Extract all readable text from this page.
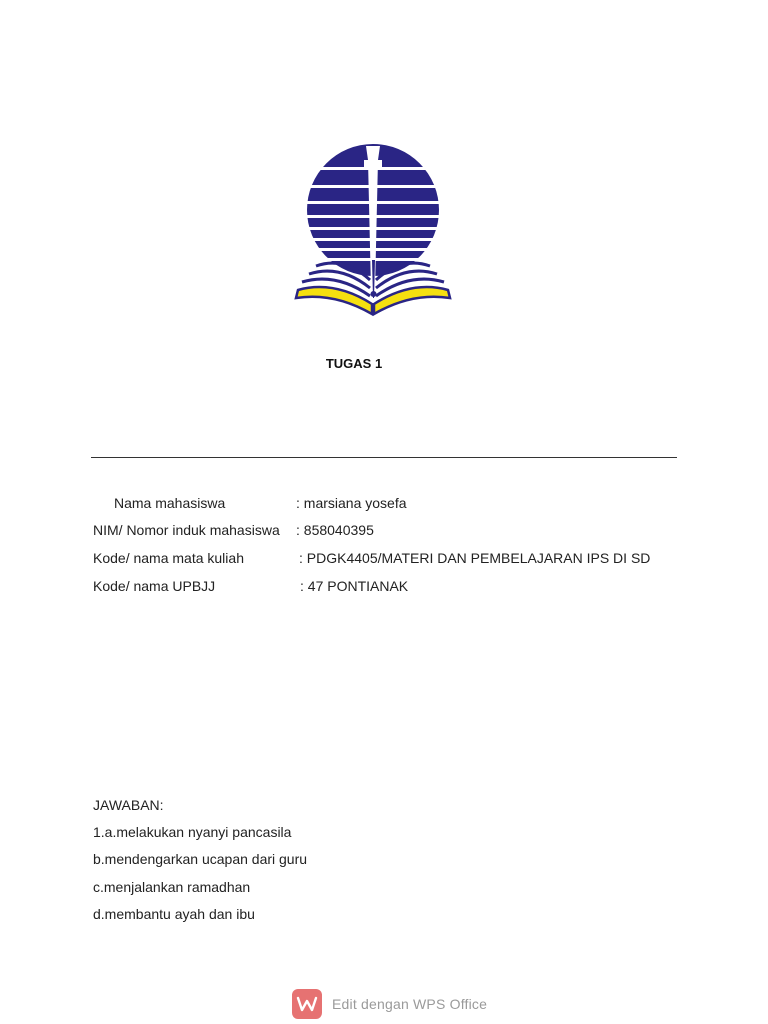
TUGAS 1
Nama mahasiswa	: marsiana yosefa
NIM/ Nomor induk mahasiswa : 858040395
Kode/ nama mata kuliah	: PDGK4405/MATERI DAN PEMBELAJARAN IPS DI SD
Kode/ nama UPBJJ	: 47 PONTIANAK
JAWABAN:
1.a.melakukan nyanyi pancasila
b.mendengarkan ucapan dari guru
c.menjalankan ramadhan
d.membantu ayah dan ibu
Edit dengan WPS Office
